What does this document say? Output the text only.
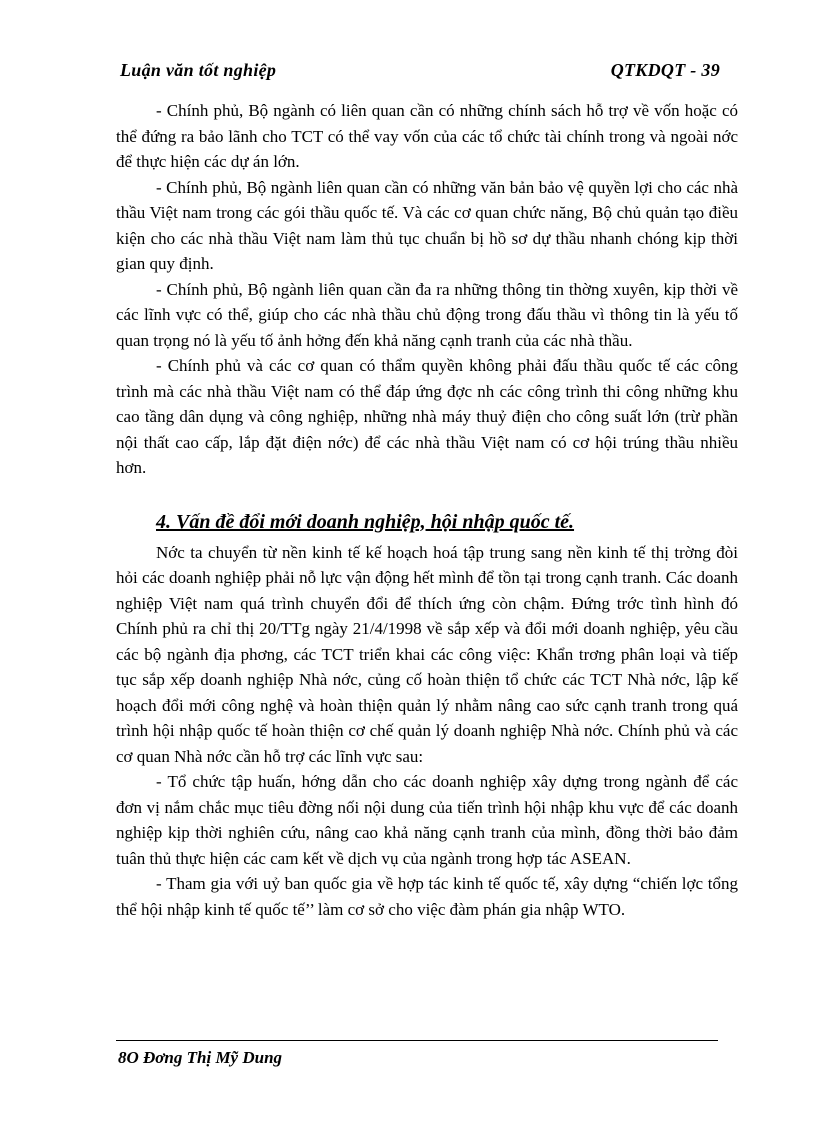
Luận văn tốt nghiệp	QTKDQT - 39

- Chính phủ, Bộ ngành có liên quan cần có những chính sách hỗ trợ về vốn hoặc có thể đứng ra bảo lãnh cho TCT có thể vay vốn của các tổ chức tài chính trong và ngoài nớc để thực hiện các dự án lớn.

- Chính phủ, Bộ ngành liên quan cần có những văn bản bảo vệ quyền lợi cho các nhà thầu Việt nam trong các gói thầu quốc tế. Và các cơ quan chức năng, Bộ chủ quản tạo điều kiện cho các nhà thầu Việt nam làm thủ tục chuẩn bị hồ sơ dự thầu nhanh chóng kịp thời gian quy định.

- Chính phủ, Bộ ngành liên quan cần đa ra những thông tin thờng xuyên, kịp thời về các lĩnh vực có thể, giúp cho các nhà thầu chủ động trong đấu thầu vì thông tin là yếu tố quan trọng nó là yếu tố ảnh hởng đến khả năng cạnh tranh của các nhà thầu.

- Chính phủ và các cơ quan có thẩm quyền không phải đấu thầu quốc tế các công trình mà các nhà thầu Việt nam có thể đáp ứng đợc nh các công trình thi công những khu cao tầng dân dụng và công nghiệp, những nhà máy thuỷ điện cho công suất lớn (trừ phần nội thất cao cấp, lắp đặt điện nớc) để các nhà thầu Việt nam có cơ hội trúng thầu nhiều hơn.

4. Vấn đề đổi mới doanh nghiệp, hội nhập quốc tế.

Nớc ta chuyển từ nền kinh tế kế hoạch hoá tập trung sang nền kinh tế thị trờng đòi hỏi các doanh nghiệp phải nỗ lực vận động hết mình để tồn tại trong cạnh tranh. Các doanh nghiệp Việt nam quá trình chuyển đổi để thích ứng còn chậm. Đứng trớc tình hình đó Chính phủ ra chỉ thị 20/TTg ngày 21/4/1998 về sắp xếp và đổi mới doanh nghiệp, yêu cầu các bộ ngành địa phơng, các TCT triển khai các công việc: Khẩn trơng phân loại và tiếp tục sắp xếp doanh nghiệp Nhà nớc, củng cố hoàn thiện tổ chức các TCT Nhà nớc, lập kế hoạch đổi mới công nghệ và hoàn thiện quản lý nhằm nâng cao sức cạnh tranh trong quá trình hội nhập quốc tế hoàn thiện cơ chế quản lý doanh nghiệp Nhà nớc. Chính phủ và các cơ quan Nhà nớc cần hỗ trợ các lĩnh vực sau:

- Tổ chức tập huấn, hớng dẫn cho các doanh nghiệp xây dựng trong ngành để các đơn vị nắm chắc mục tiêu đờng nối nội dung của tiến trình hội nhập khu vực để các doanh nghiệp kịp thời nghiên cứu, nâng cao khả năng cạnh tranh của mình, đồng thời bảo đảm tuân thủ thực hiện các cam kết về dịch vụ của ngành trong hợp tác ASEAN.

- Tham gia với uỷ ban quốc gia về hợp tác kinh tế quốc tế, xây dựng “chiến lợc tổng thể hội nhập kinh tế quốc tế’’ làm cơ sở cho việc đàm phán gia nhập WTO.

8O Đơng Thị Mỹ Dung
